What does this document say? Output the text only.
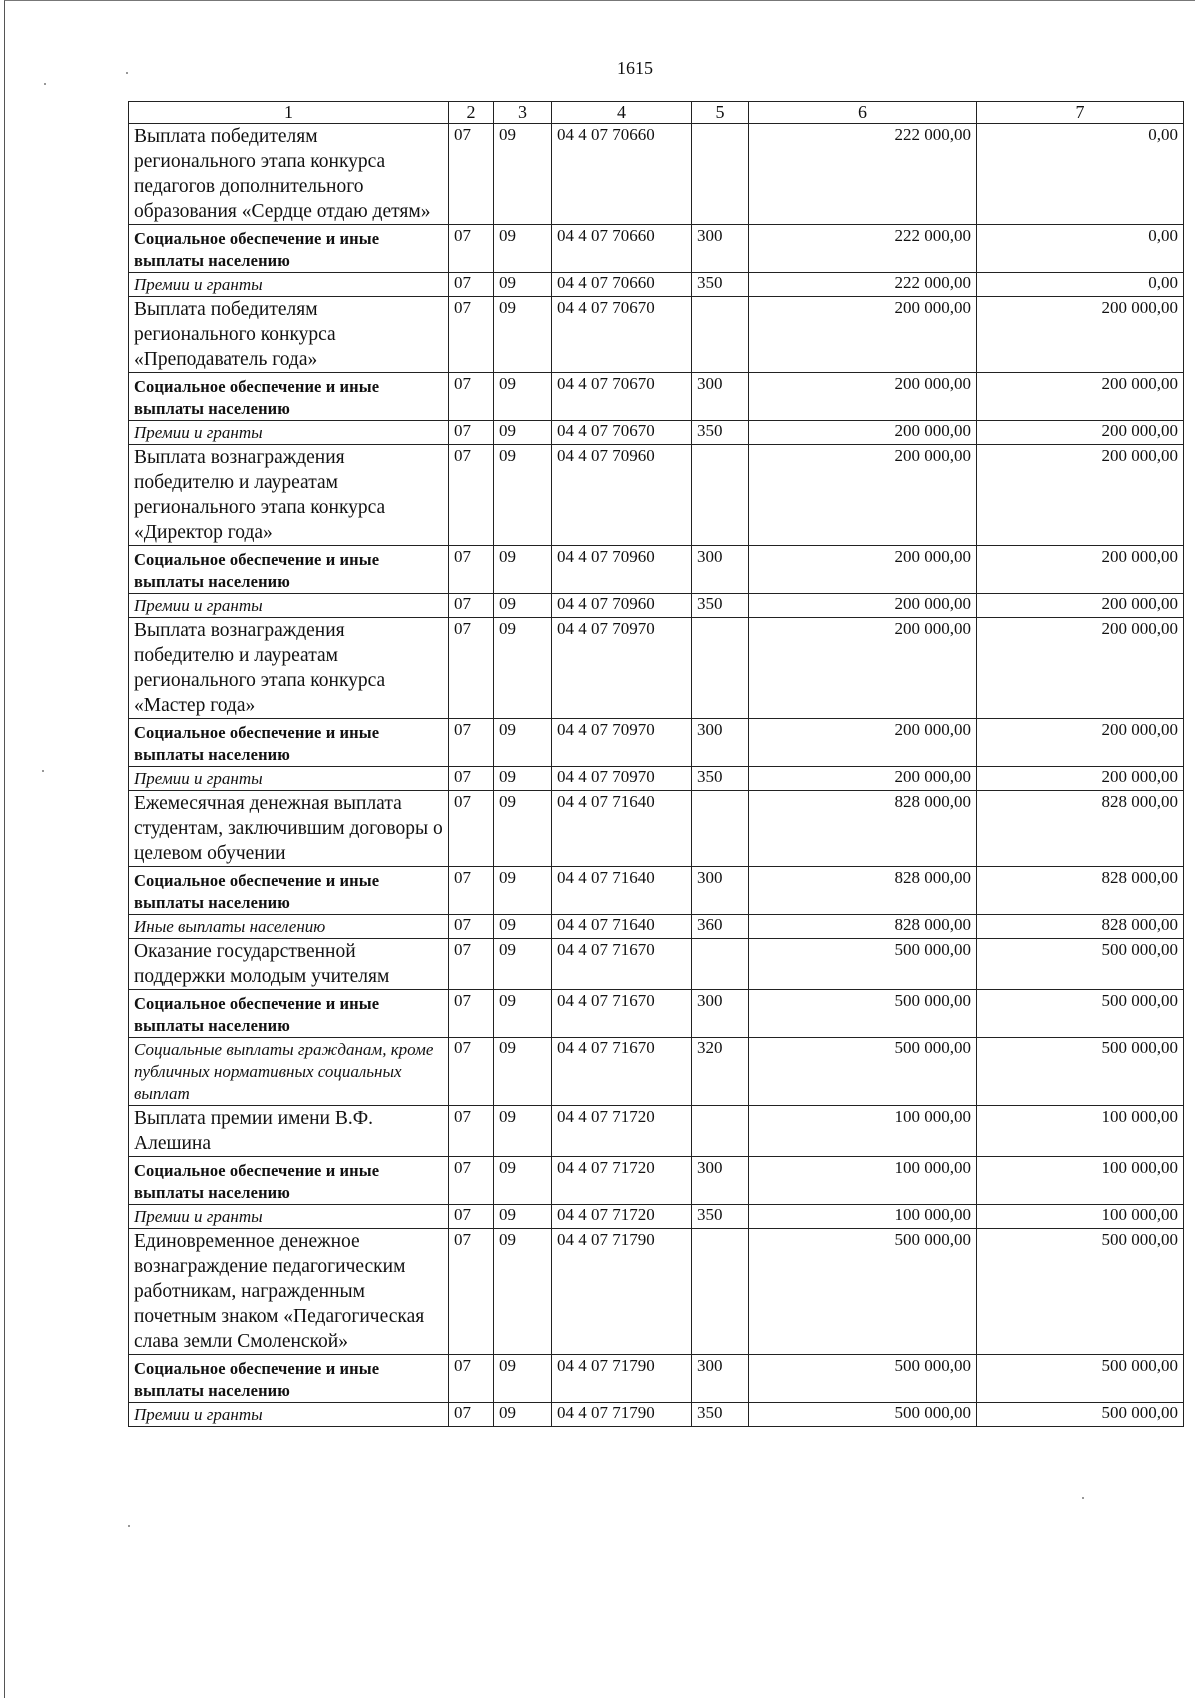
1615
1	2	3	4	5	6	7
Выплата победителям регионального этапа конкурса педагогов дополнительного образования «Сердце отдаю детям»	07	09	04 4 07 70660		222 000,00	0,00
Социальное обеспечение и иные выплаты населению	07	09	04 4 07 70660	300	222 000,00	0,00
Премии и гранты	07	09	04 4 07 70660	350	222 000,00	0,00
Выплата победителям регионального конкурса «Преподаватель года»	07	09	04 4 07 70670		200 000,00	200 000,00
Социальное обеспечение и иные выплаты населению	07	09	04 4 07 70670	300	200 000,00	200 000,00
Премии и гранты	07	09	04 4 07 70670	350	200 000,00	200 000,00
Выплата вознаграждения победителю и лауреатам регионального этапа конкурса «Директор года»	07	09	04 4 07 70960		200 000,00	200 000,00
Социальное обеспечение и иные выплаты населению	07	09	04 4 07 70960	300	200 000,00	200 000,00
Премии и гранты	07	09	04 4 07 70960	350	200 000,00	200 000,00
Выплата вознаграждения победителю и лауреатам регионального этапа конкурса «Мастер года»	07	09	04 4 07 70970		200 000,00	200 000,00
Социальное обеспечение и иные выплаты населению	07	09	04 4 07 70970	300	200 000,00	200 000,00
Премии и гранты	07	09	04 4 07 70970	350	200 000,00	200 000,00
Ежемесячная денежная выплата студентам, заключившим договоры о целевом обучении	07	09	04 4 07 71640		828 000,00	828 000,00
Социальное обеспечение и иные выплаты населению	07	09	04 4 07 71640	300	828 000,00	828 000,00
Иные выплаты населению	07	09	04 4 07 71640	360	828 000,00	828 000,00
Оказание государственной поддержки молодым учителям	07	09	04 4 07 71670		500 000,00	500 000,00
Социальное обеспечение и иные выплаты населению	07	09	04 4 07 71670	300	500 000,00	500 000,00
Социальные выплаты гражданам, кроме публичных нормативных социальных выплат	07	09	04 4 07 71670	320	500 000,00	500 000,00
Выплата премии имени В.Ф. Алешина	07	09	04 4 07 71720		100 000,00	100 000,00
Социальное обеспечение и иные выплаты населению	07	09	04 4 07 71720	300	100 000,00	100 000,00
Премии и гранты	07	09	04 4 07 71720	350	100 000,00	100 000,00
Единовременное денежное вознаграждение педагогическим работникам, награжденным почетным знаком «Педагогическая слава земли Смоленской»	07	09	04 4 07 71790		500 000,00	500 000,00
Социальное обеспечение и иные выплаты населению	07	09	04 4 07 71790	300	500 000,00	500 000,00
Премии и гранты	07	09	04 4 07 71790	350	500 000,00	500 000,00
